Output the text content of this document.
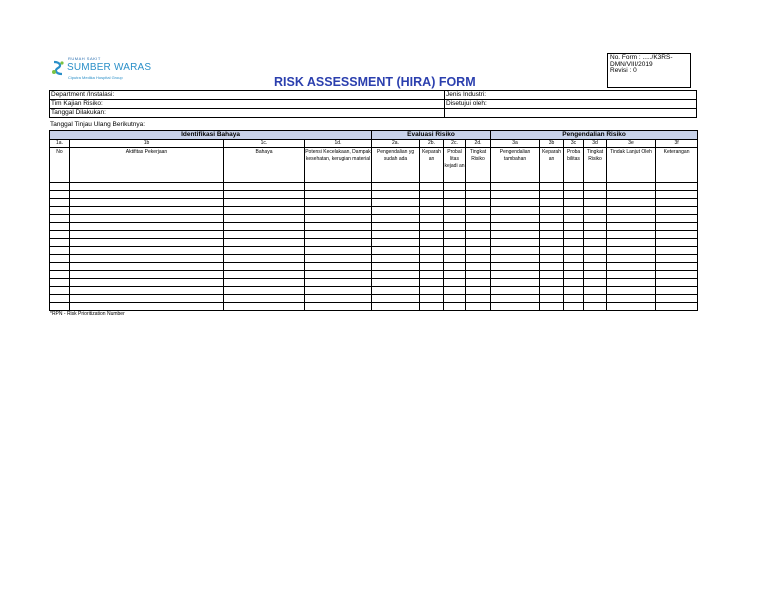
RUMAH SAKIT
SUMBER WARAS
Ciputra Medika Hospital Group
No. Form : ...../K3RS-
DMN/VIII/2019
Revisi : 0
RISK ASSESSMENT (HIRA) FORM
Department /Instalasi:	Jenis Industri:
Tim Kajian Risiko:	Disetujui oleh:
Tanggal Dilakukan:	
Tanggal Tinjau Ulang Berikutnya:
Identifikasi Bahaya				Evaluasi Risiko				Pengendalian Risiko					
1a.	1b	1c.	1d.	2a.	2b.	2c.	2d.	3a	3b	3c	3d	3e	3f
No	Aktifitas Pekerjaan	Bahaya	Potensi Kecelakaan, Dampak kesehatan, kerugian material	Pengendalian yg sudah ada	Keparah an	Probal litas kejadi an	Tingkat Risiko	Pengendalian tambahan	Keparah an	Proba bilitas	Tingkat Risiko	Tindak Lanjut Oleh	Keterangan

*RPN - Risk Prioritization Number
